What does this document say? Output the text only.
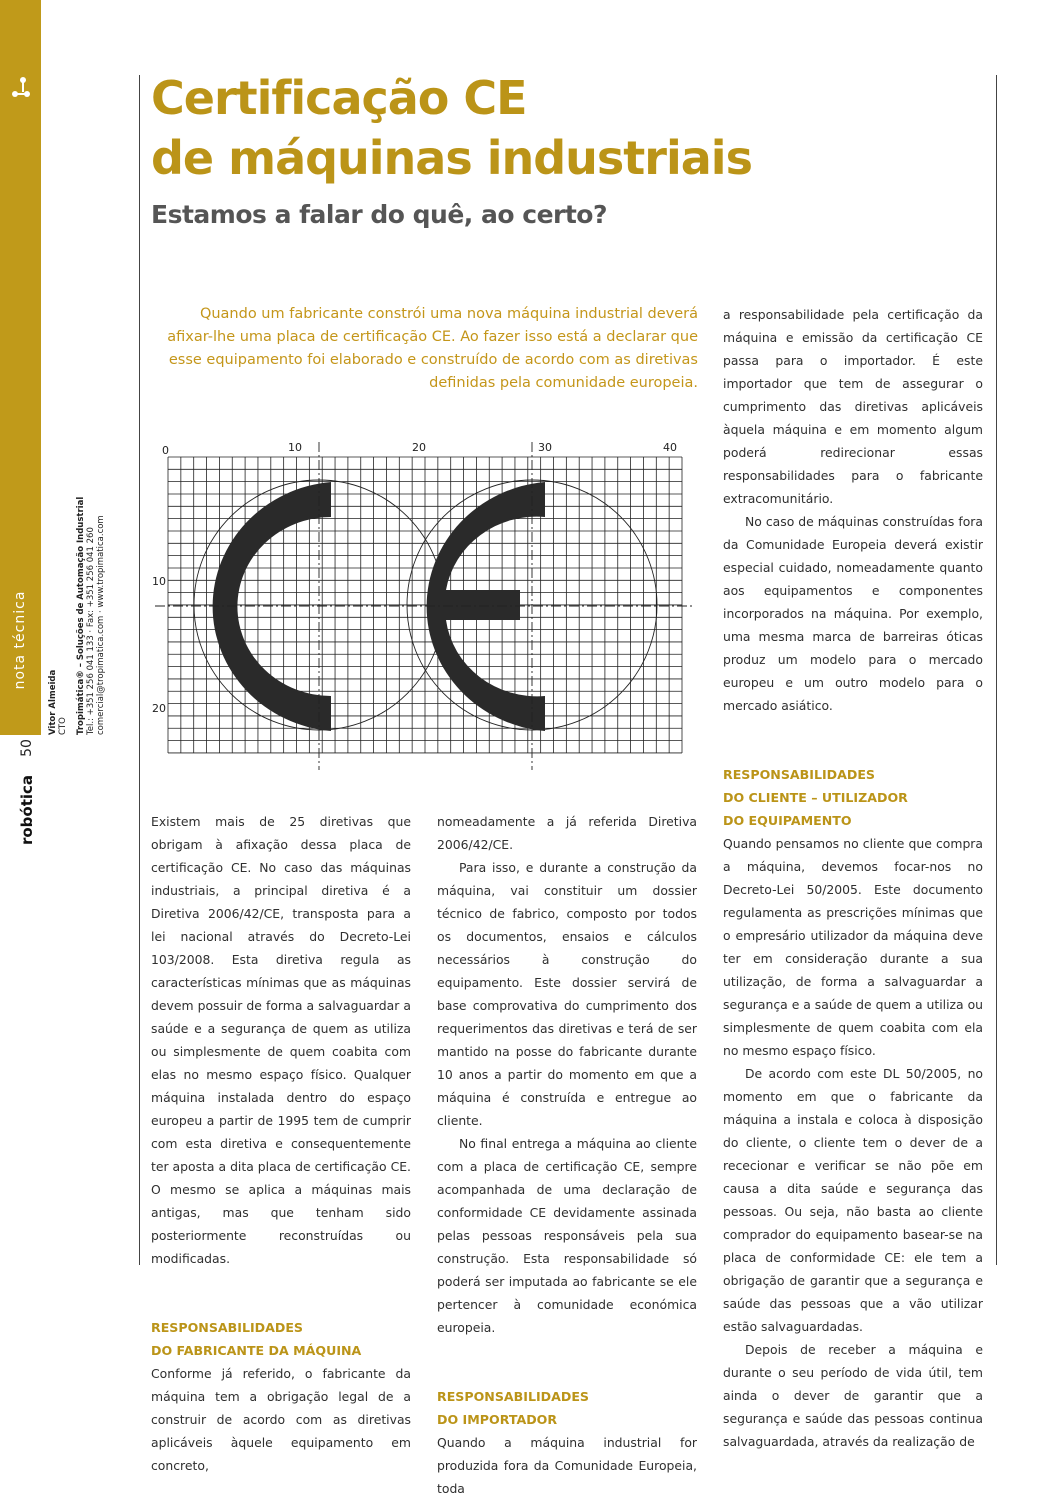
nota técnica
50
robótica
Vitor Almeida CTO Tropimática® – Soluções de Automação Industrial Tel.: +351 256 041 133 · Fax: +351 256 041 260 comercial@tropimatica.com · www.tropimatica.com
Certificação CE
de máquinas industriais
Estamos a falar do quê, ao certo?

Quando um fabricante constrói uma nova máquina industrial deverá afixar-lhe uma placa de certificação CE. Ao fazer isso está a declarar que esse equipamento foi elaborado e construído de acordo com as diretivas definidas pela comunidade europeia.

0	10	20	30	40
10
20

Existem mais de 25 diretivas que obrigam à afixação dessa placa de certificação CE. No caso das máquinas industriais, a principal diretiva é a Diretiva 2006/42/CE, transposta para a lei nacional através do Decreto-Lei 103/2008. Esta diretiva regula as características mínimas que as máquinas devem possuir de forma a salvaguardar a saúde e a segurança de quem as utiliza ou simplesmente de quem coabita com elas no mesmo espaço físico. Qualquer máquina instalada dentro do espaço europeu a partir de 1995 tem de cumprir com esta diretiva e consequentemente ter aposta a dita placa de certificação CE. O mesmo se aplica a máquinas mais antigas, mas que tenham sido posteriormente reconstruídas ou modificadas.

RESPONSABILIDADES
DO FABRICANTE DA MÁQUINA

Conforme já referido, o fabricante da máquina tem a obrigação legal de a construir de acordo com as diretivas aplicáveis àquele equipamento em concreto,

nomeadamente a já referida Diretiva 2006/42/CE.

Para isso, e durante a construção da máquina, vai constituir um dossier técnico de fabrico, composto por todos os documentos, ensaios e cálculos necessários à construção do equipamento. Este dossier servirá de base comprovativa do cumprimento dos requerimentos das diretivas e terá de ser mantido na posse do fabricante durante 10 anos a partir do momento em que a máquina é construída e entregue ao cliente.

No final entrega a máquina ao cliente com a placa de certificação CE, sempre acompanhada de uma declaração de conformidade CE devidamente assinada pelas pessoas responsáveis pela sua construção. Esta responsabilidade só poderá ser imputada ao fabricante se ele pertencer à comunidade económica europeia.

RESPONSABILIDADES
DO IMPORTADOR

Quando a máquina industrial for produzida fora da Comunidade Europeia, toda

a responsabilidade pela certificação da máquina e emissão da certificação CE passa para o importador. É este importador que tem de assegurar o cumprimento das diretivas aplicáveis àquela máquina e em momento algum poderá redirecionar essas responsabilidades para o fabricante extracomunitário.

No caso de máquinas construídas fora da Comunidade Europeia deverá existir especial cuidado, nomeadamente quanto aos equipamentos e componentes incorporados na máquina. Por exemplo, uma mesma marca de barreiras óticas produz um modelo para o mercado europeu e um outro modelo para o mercado asiático.

RESPONSABILIDADES
DO CLIENTE – UTILIZADOR
DO EQUIPAMENTO

Quando pensamos no cliente que compra a máquina, devemos focar-nos no Decreto-Lei 50/2005. Este documento regulamenta as prescrições mínimas que o empresário utilizador da máquina deve ter em consideração durante a sua utilização, de forma a salvaguardar a segurança e a saúde de quem a utiliza ou simplesmente de quem coabita com ela no mesmo espaço físico.

De acordo com este DL 50/2005, no momento em que o fabricante da máquina a instala e coloca à disposição do cliente, o cliente tem o dever de a rececionar e verificar se não põe em causa a dita saúde e segurança das pessoas. Ou seja, não basta ao cliente comprador do equipamento basear-se na placa de conformidade CE: ele tem a obrigação de garantir que a segurança e saúde das pessoas que a vão utilizar estão salvaguardadas.

Depois de receber a máquina e durante o seu período de vida útil, tem ainda o dever de garantir que a segurança e saúde das pessoas continua salvaguardada, através da realização de
